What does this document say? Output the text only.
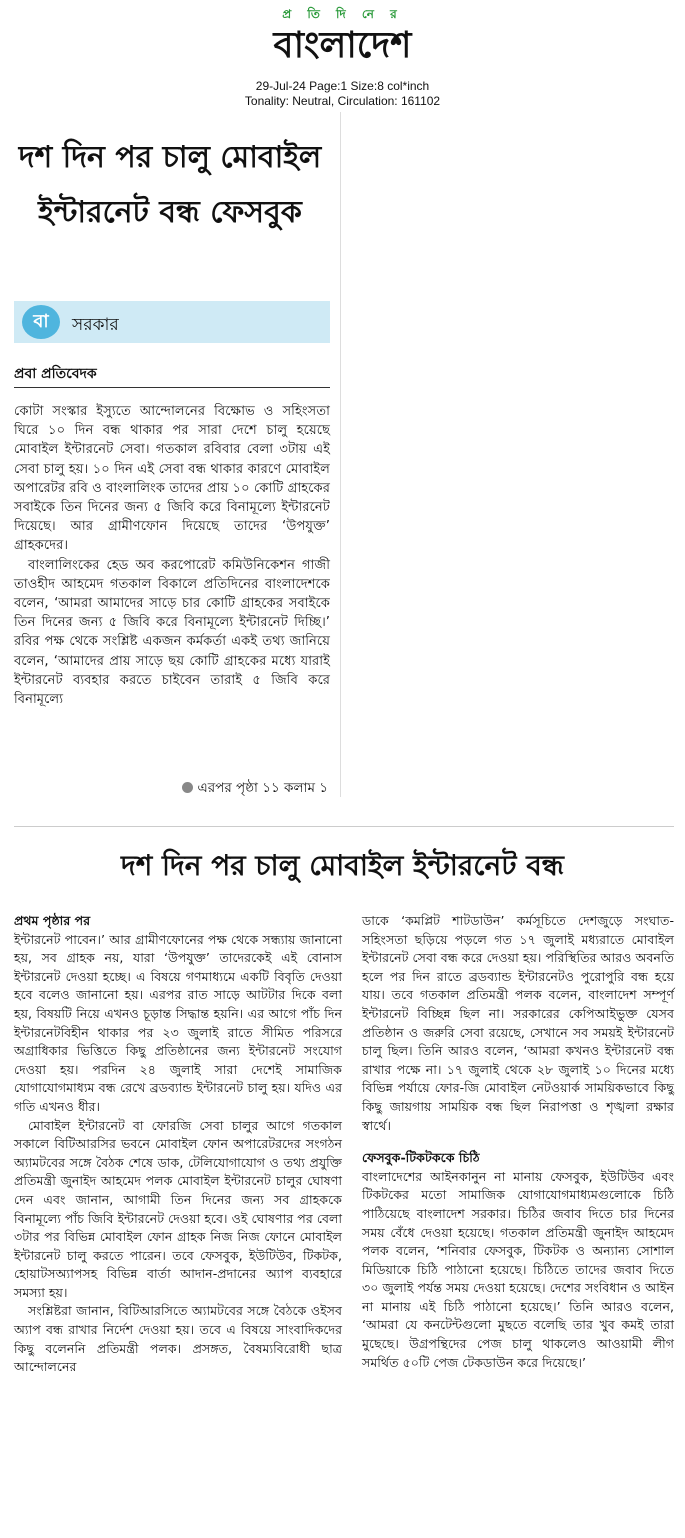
প্র তি দি নে র
বাংলাদেশ
29-Jul-24 Page:1 Size:8 col*inch
Tonality: Neutral, Circulation: 161102
দশ দিন পর চালু মোবাইল ইন্টারনেট বন্ধ ফেসবুক
বা	সরকার
প্রবা প্রতিবেদক

কোটা সংস্কার ইস্যুতে আন্দোলনের বিক্ষোভ ও সহিংসতা ঘিরে ১০ দিন বন্ধ থাকার পর সারা দেশে চালু হয়েছে মোবাইল ইন্টারনেট সেবা। গতকাল রবিবার বেলা ৩টায় এই সেবা চালু হয়। ১০ দিন এই সেবা বন্ধ থাকার কারণে মোবাইল অপারেটর রবি ও বাংলালিংক তাদের প্রায় ১০ কোটি গ্রাহকের সবাইকে তিন দিনের জন্য ৫ জিবি করে বিনামূল্যে ইন্টারনেট দিয়েছে। আর গ্রামীণফোন দিয়েছে তাদের ‘উপযুক্ত’ গ্রাহকদের।

বাংলালিংকের হেড অব করপোরেট কমিউনিকেশন গাজী তাওহীদ আহমেদ গতকাল বিকালে প্রতিদিনের বাংলাদেশকে বলেন, ‘আমরা আমাদের সাড়ে চার কোটি গ্রাহকের সবাইকে তিন দিনের জন্য ৫ জিবি করে বিনামূল্যে ইন্টারনেট দিচ্ছি।’ রবির পক্ষ থেকে সংশ্লিষ্ট একজন কর্মকর্তা একই তথ্য জানিয়ে বলেন, ‘আমাদের প্রায় সাড়ে ছয় কোটি গ্রাহকের মধ্যে যারাই ইন্টারনেট ব্যবহার করতে চাইবেন তারাই ৫ জিবি করে বিনামূল্যে

এরপর পৃষ্ঠা ১১ কলাম ১
দশ দিন পর চালু মোবাইল ইন্টারনেট বন্ধ

প্রথম পৃষ্ঠার পর

ইন্টারনেট পাবেন।’ আর গ্রামীণফোনের পক্ষ থেকে সন্ধ্যায় জানানো হয়, সব গ্রাহক নয়, যারা ‘উপযুক্ত’ তাদেরকেই এই বোনাস ইন্টারনেট দেওয়া হচ্ছে। এ বিষয়ে গণমাধ্যমে একটি বিবৃতি দেওয়া হবে বলেও জানানো হয়। এরপর রাত সাড়ে আটটার দিকে বলা হয়, বিষয়টি নিয়ে এখনও চূড়ান্ত সিদ্ধান্ত হয়নি। এর আগে পাঁচ দিন ইন্টারনেটবিহীন থাকার পর ২৩ জুলাই রাতে সীমিত পরিসরে অগ্রাধিকার ভিত্তিতে কিছু প্রতিষ্ঠানের জন্য ইন্টারনেট সংযোগ দেওয়া হয়। পরদিন ২৪ জুলাই সারা দেশেই সামাজিক যোগাযোগমাধ্যম বন্ধ রেখে ব্রডব্যান্ড ইন্টারনেট চালু হয়। যদিও এর গতি এখনও ধীর।

মোবাইল ইন্টারনেট বা ফোরজি সেবা চালুর আগে গতকাল সকালে বিটিআরসির ভবনে মোবাইল ফোন অপারেটরদের সংগঠন অ্যামটবের সঙ্গে বৈঠক শেষে ডাক, টেলিযোগাযোগ ও তথ্য প্রযুক্তি প্রতিমন্ত্রী জুনাইদ আহমেদ পলক মোবাইল ইন্টারনেট চালুর ঘোষণা দেন এবং জানান, আগামী তিন দিনের জন্য সব গ্রাহককে বিনামূল্যে পাঁচ জিবি ইন্টারনেট দেওয়া হবে। ওই ঘোষণার পর বেলা ৩টার পর বিভিন্ন মোবাইল ফোন গ্রাহক নিজ নিজ ফোনে মোবাইল ইন্টারনেট চালু করতে পারেন। তবে ফেসবুক, ইউটিউব, টিকটক, হোয়াটসঅ্যাপসহ বিভিন্ন বার্তা আদান-প্রদানের অ্যাপ ব্যবহারে সমস্যা হয়।

সংশ্লিষ্টরা জানান, বিটিআরসিতে অ্যামটবের সঙ্গে বৈঠকে ওইসব অ্যাপ বন্ধ রাখার নির্দেশ দেওয়া হয়। তবে এ বিষয়ে সাংবাদিকদের কিছু বলেননি প্রতিমন্ত্রী পলক। প্রসঙ্গত, বৈষম্যবিরোধী ছাত্র আন্দোলনের

ডাকে ‘কমপ্লিট শাটডাউন’ কর্মসূচিতে দেশজুড়ে সংঘাত-সহিংসতা ছড়িয়ে পড়লে গত ১৭ জুলাই মধ্যরাতে মোবাইল ইন্টারনেট সেবা বন্ধ করে দেওয়া হয়। পরিস্থিতির আরও অবনতি হলে পর দিন রাতে ব্রডব্যান্ড ইন্টারনেটও পুরোপুরি বন্ধ হয়ে যায়। তবে গতকাল প্রতিমন্ত্রী পলক বলেন, বাংলাদেশ সম্পূর্ণ ইন্টারনেট বিচ্ছিন্ন ছিল না। সরকারের কেপিআইভুক্ত যেসব প্রতিষ্ঠান ও জরুরি সেবা রয়েছে, সেখানে সব সময়ই ইন্টারনেট চালু ছিল। তিনি আরও বলেন, ‘আমরা কখনও ইন্টারনেট বন্ধ রাখার পক্ষে না। ১৭ জুলাই থেকে ২৮ জুলাই ১০ দিনের মধ্যে বিভিন্ন পর্যায়ে ফোর-জি মোবাইল নেটওয়ার্ক সাময়িকভাবে কিছু কিছু জায়গায় সাময়িক বন্ধ ছিল নিরাপত্তা ও শৃঙ্খলা রক্ষার স্বার্থে।

ফেসবুক-টিকটককে চিঠি

বাংলাদেশের আইনকানুন না মানায় ফেসবুক, ইউটিউব এবং টিকটকের মতো সামাজিক যোগাযোগমাধ্যমগুলোকে চিঠি পাঠিয়েছে বাংলাদেশ সরকার। চিঠির জবাব দিতে চার দিনের সময় বেঁধে দেওয়া হয়েছে। গতকাল প্রতিমন্ত্রী জুনাইদ আহমেদ পলক বলেন, ‘শনিবার ফেসবুক, টিকটক ও অন্যান্য সোশাল মিডিয়াকে চিঠি পাঠানো হয়েছে। চিঠিতে তাদের জবাব দিতে ৩০ জুলাই পর্যন্ত সময় দেওয়া হয়েছে। দেশের সংবিধান ও আইন না মানায় এই চিঠি পাঠানো হয়েছে।’ তিনি আরও বলেন, ‘আমরা যে কনটেন্টগুলো মুছতে বলেছি তার খুব কমই তারা মুছেছে। উগ্রপন্থিদের পেজ চালু থাকলেও আওয়ামী লীগ সমর্থিত ৫০টি পেজ টেকডাউন করে দিয়েছে।’
